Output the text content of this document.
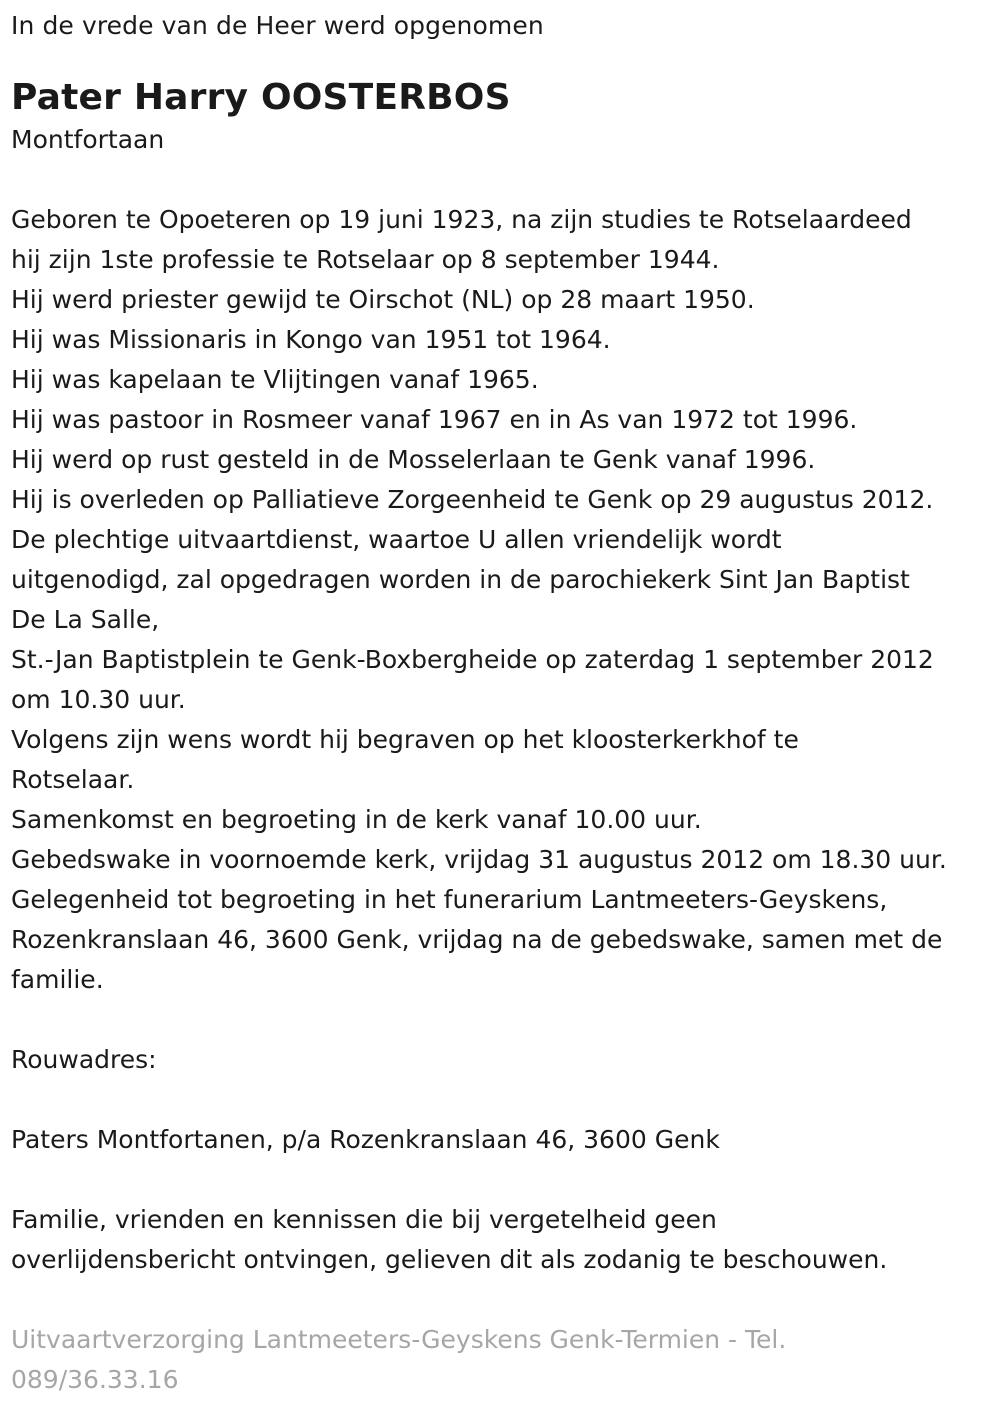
In de vrede van de Heer werd opgenomen

Pater Harry OOSTERBOS

Montfortaan

Geboren te Opoeteren op 19 juni 1923, na zijn studies te Rotselaardeed
hij zijn 1ste professie te Rotselaar op 8 september 1944.
Hij werd priester gewijd te Oirschot (NL) op 28 maart 1950.
Hij was Missionaris in Kongo van 1951 tot 1964.
Hij was kapelaan te Vlijtingen vanaf 1965.
Hij was pastoor in Rosmeer vanaf 1967 en in As van 1972 tot 1996.
Hij werd op rust gesteld in de Mosselerlaan te Genk vanaf 1996.
Hij is overleden op Palliatieve Zorgeenheid te Genk op 29 augustus 2012.
De plechtige uitvaartdienst, waartoe U allen vriendelijk wordt
uitgenodigd, zal opgedragen worden in de parochiekerk Sint Jan Baptist
De La Salle,
St.-Jan Baptistplein te Genk-Boxbergheide op zaterdag 1 september 2012
om 10.30 uur.
Volgens zijn wens wordt hij begraven op het kloosterkerkhof te
Rotselaar.
Samenkomst en begroeting in de kerk vanaf 10.00 uur.
Gebedswake in voornoemde kerk, vrijdag 31 augustus 2012 om 18.30 uur.
Gelegenheid tot begroeting in het funerarium Lantmeeters-Geyskens,
Rozenkranslaan 46, 3600 Genk, vrijdag na de gebedswake, samen met de
familie.

Rouwadres:

Paters Montfortanen, p/a Rozenkranslaan 46, 3600 Genk

Familie, vrienden en kennissen die bij vergetelheid geen
overlijdensbericht ontvingen, gelieven dit als zodanig te beschouwen.

Uitvaartverzorging Lantmeeters-Geyskens Genk-Termien - Tel.
089/36.33.16
